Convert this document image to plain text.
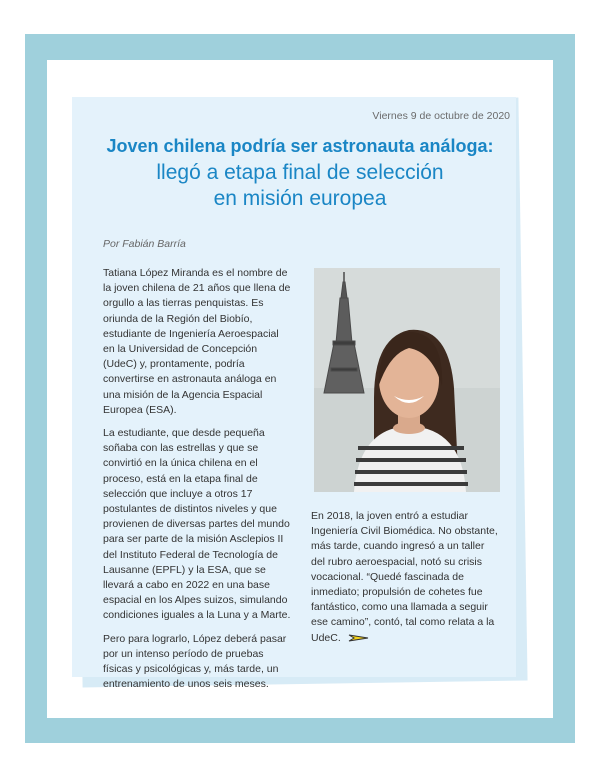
Viernes 9 de octubre de 2020
Joven chilena podría ser astronauta análoga:
llegó a etapa final de selección
en misión europea
Por Fabián Barría

Tatiana López Miranda es el nombre de la joven chilena de 21 años que llena de orgullo a las tierras penquistas. Es oriunda de la Región del Biobío, estudiante de Ingeniería Aeroespacial en la Universidad de Concepción (UdeC) y, prontamente, podría convertirse en astronauta análoga en una misión de la Agencia Espacial Europea (ESA).

La estudiante, que desde pequeña soñaba con las estrellas y que se convirtió en la única chilena en el proceso, está en la etapa final de selección que incluye a otros 17 postulantes de distintos niveles y que provienen de diversas partes del mundo para ser parte de la misión Asclepios II del Instituto Federal de Tecnología de Lausanne (EPFL) y la ESA, que se llevará a cabo en 2022 en una base espacial en los Alpes suizos, simulando condiciones iguales a la Luna y a Marte.

Pero para lograrlo, López deberá pasar por un intenso período de pruebas físicas y psicológicas y, más tarde, un entrenamiento de unos seis meses.

En 2018, la joven entró a estudiar Ingeniería Civil Biomédica. No obstante, más tarde, cuando ingresó a un taller del rubro aeroespacial, notó su crisis vocacional. “Quedé fascinada de inmediato; propulsión de cohetes fue fantástico, como una llamada a seguir ese camino”, contó, tal como relata a la UdeC.
